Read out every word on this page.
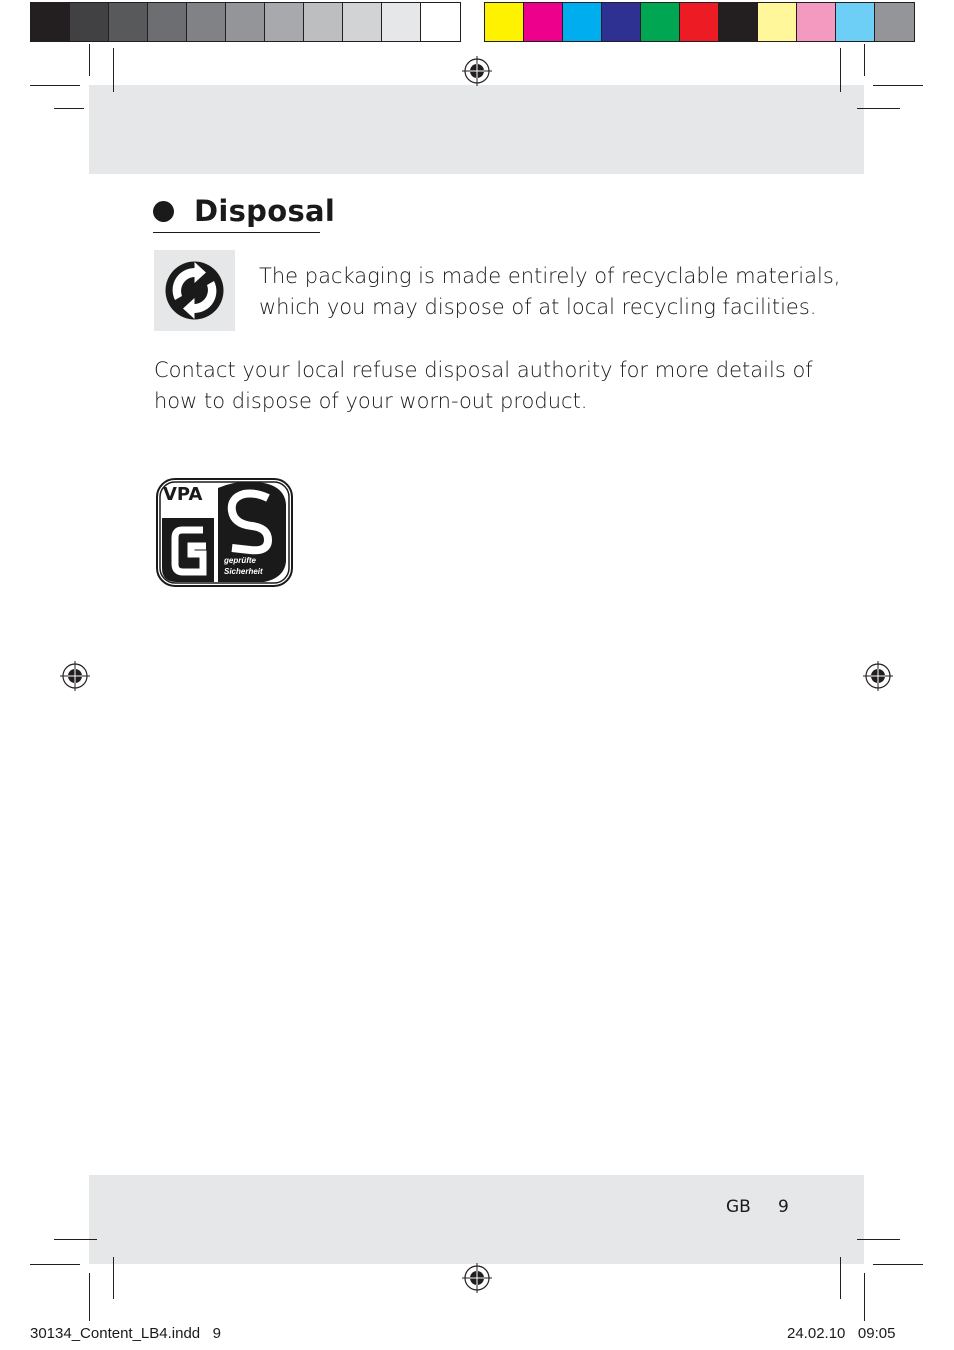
Disposal
The packaging is made entirely of recyclable materials,
which you may dispose of at local recycling facilities.
Contact your local refuse disposal authority for more details of
how to dispose of your worn-out product.
VPA
geprüfte
Sicherheit
GB 9
30134_Content_LB4.indd   9	24.02.10   09:05
